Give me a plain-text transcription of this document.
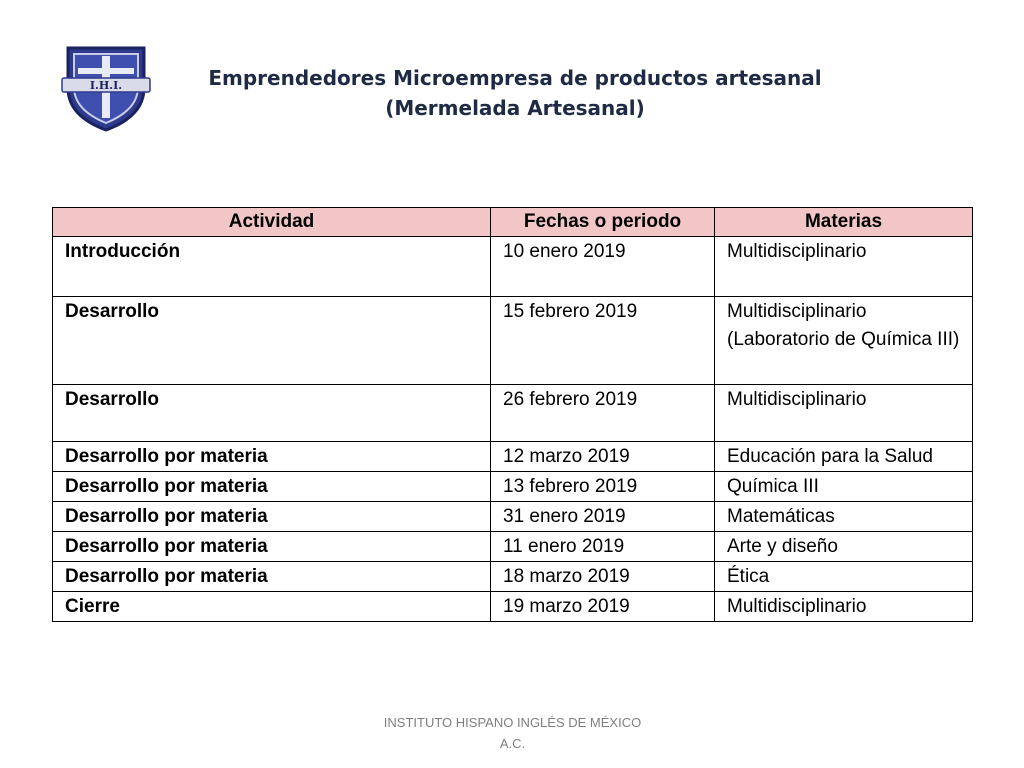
I.H.I.	Emprendedores Microempresa de productos artesanal
(Mermelada Artesanal)
Actividad	Fechas o periodo	Materias
Introducción	10 enero 2019	Multidisciplinario
Desarrollo	15 febrero 2019	Multidisciplinario (Laboratorio de Química III)
Desarrollo	26 febrero 2019	Multidisciplinario
Desarrollo por materia	12 marzo 2019	Educación para la Salud
Desarrollo por materia	13 febrero 2019	Química III
Desarrollo por materia	31 enero 2019	Matemáticas
Desarrollo por materia	11 enero 2019	Arte y diseño
Desarrollo por materia	18 marzo 2019	Ética
Cierre	19 marzo 2019	Multidisciplinario
INSTITUTO HISPANO INGLÉS DE MÉXICO
A.C.
